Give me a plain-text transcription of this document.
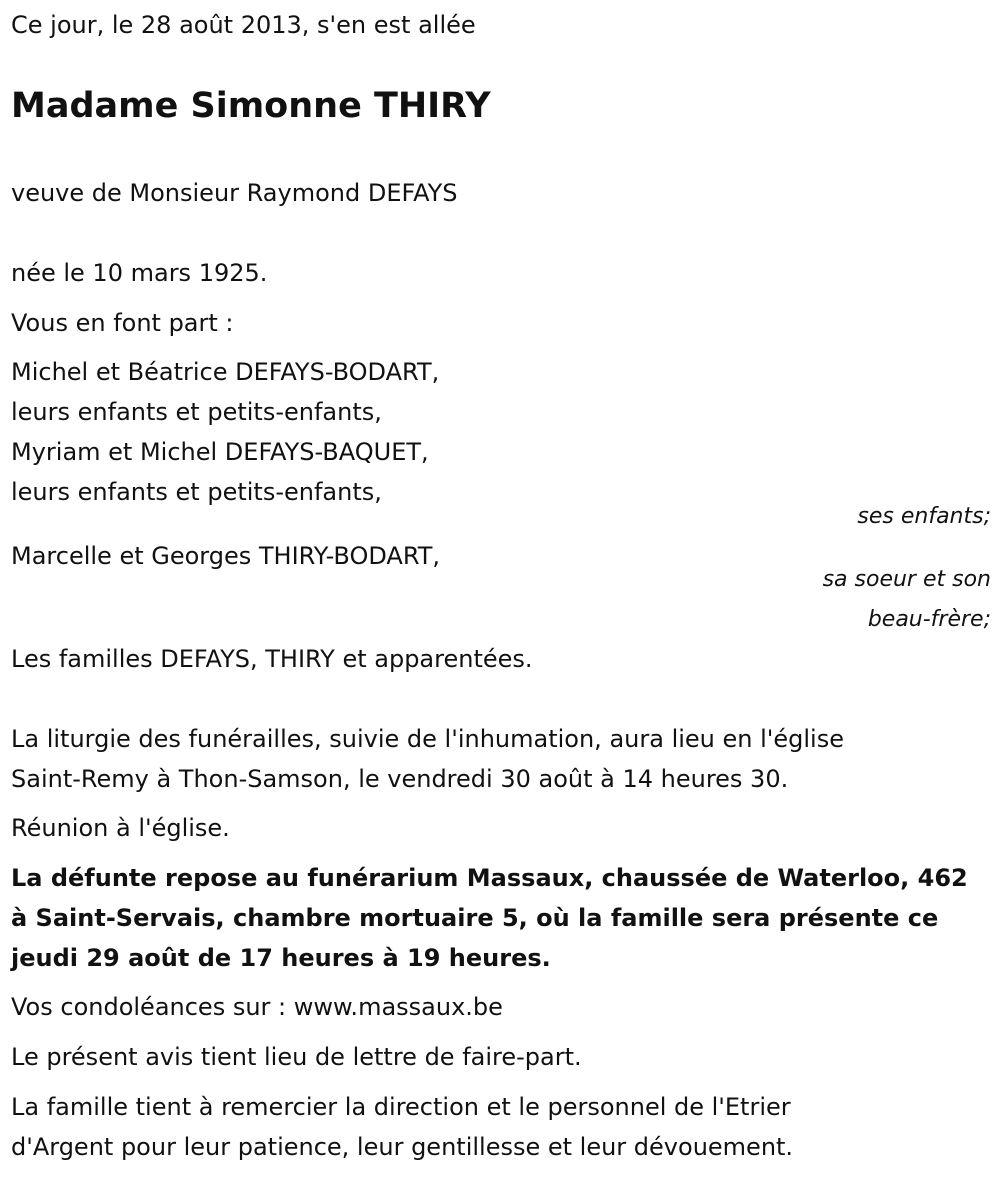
Ce jour, le 28 août 2013, s'en est allée

Madame Simonne THIRY

veuve de Monsieur Raymond DEFAYS

née le 10 mars 1925.

Vous en font part :

Michel et Béatrice DEFAYS-BODART,

leurs enfants et petits-enfants,

Myriam et Michel DEFAYS-BAQUET,

leurs enfants et petits-enfants,

ses enfants;

Marcelle et Georges THIRY-BODART,

sa soeur et son

beau-frère;

Les familles DEFAYS, THIRY et apparentées.

La liturgie des funérailles, suivie de l'inhumation, aura lieu en l'église

Saint-Remy à Thon-Samson, le vendredi 30 août à 14 heures 30.

Réunion à l'église.

La défunte repose au funérarium Massaux, chaussée de Waterloo, 462

à Saint-Servais, chambre mortuaire 5, où la famille sera présente ce

jeudi 29 août de 17 heures à 19 heures.

Vos condoléances sur : www.massaux.be

Le présent avis tient lieu de lettre de faire-part.

La famille tient à remercier la direction et le personnel de l'Etrier

d'Argent pour leur patience, leur gentillesse et leur dévouement.
